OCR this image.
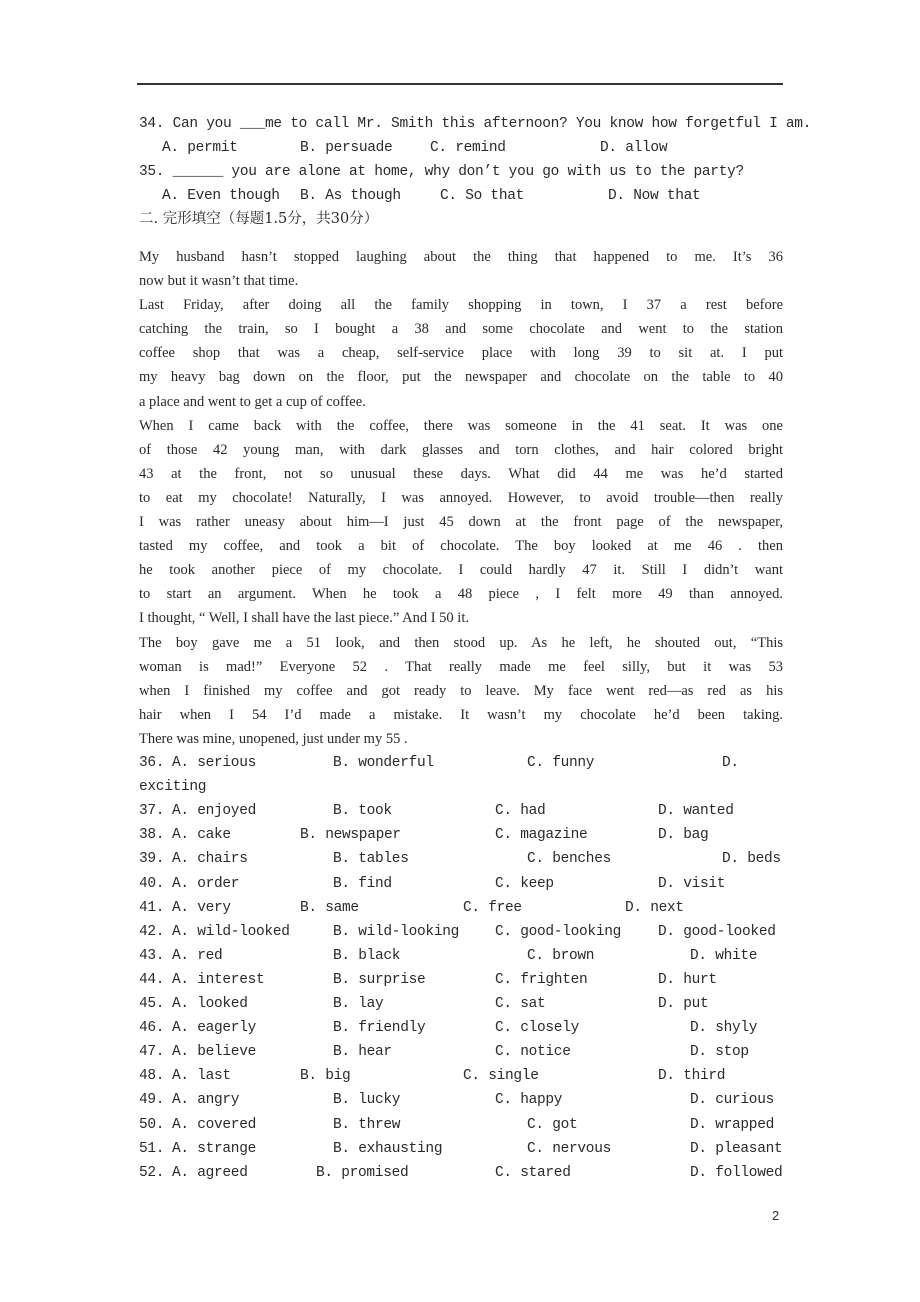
34. Can you ___me to call Mr. Smith this afternoon? You know how forgetful I am.
A. permit	B. persuade	C. remind	D. allow
35. ______ you are alone at home, why don’t you go with us to the party?
A. Even though B. As though	C. So that	D. Now that
二. 完形填空（每题1.5分，共30分）
My husband hasn’t stopped laughing about the thing that happened to me. It’s 36
now but it wasn’t that time.
Last Friday, after doing all the family shopping in town, I 37 a rest before
catching the train, so I bought a 38 and some chocolate and went to the station
coffee shop that was a cheap, self-service place with long 39 to sit at. I put
my heavy bag down on the floor, put the newspaper and chocolate on the table to 40
a place and went to get a cup of coffee.
When I came back with the coffee, there was someone in the 41 seat. It was one
of those 42 young man, with dark glasses and torn clothes, and hair colored bright
43 at the front, not so unusual these days. What did 44 me was he’d started
to eat my chocolate! Naturally, I was annoyed. However, to avoid trouble—then really
I was rather uneasy about him—I just 45 down at the front page of the newspaper,
tasted my coffee, and took a bit of chocolate. The boy looked at me 46 . then
he took another piece of my chocolate. I could hardly 47 it. Still I didn’t want
to start an argument. When he took a 48 piece , I felt more 49 than annoyed.
I thought, “ Well, I shall have the last piece.” And I 50 it.
The boy gave me a 51 look, and then stood up. As he left, he shouted out, “This
woman is mad!” Everyone 52 . That really made me feel silly, but it was 53
when I finished my coffee and got ready to leave. My face went red—as red as his
hair when I 54 I’d made a mistake. It wasn’t my chocolate he’d been taking.
There was mine, unopened, just under my 55 .
36. A. serious	B. wonderful	C. funny	D.
exciting
37. A. enjoyed	B. took	C. had	D. wanted
38. A. cake	B. newspaper	C. magazine	D. bag
39. A. chairs	B. tables	C. benches	D. beds
40. A. order	B. find	C. keep	D. visit
41. A. very	B. same	C. free	D. next
42. A. wild-looked	B. wild-looking C. good-looking	D. good-looked
43. A. red	B. black	C. brown	D. white
44. A. interest	B. surprise	C. frighten	D. hurt
45. A. looked	B. lay	C. sat	D. put
46. A. eagerly	B. friendly	C. closely	D. shyly
47. A. believe	B. hear	C. notice	D. stop
48. A. last	B. big	C. single	D. third
49. A. angry	B. lucky	C. happy	D. curious
50. A. covered	B. threw	C. got	D. wrapped
51. A. strange	B. exhausting	C. nervous	D. pleasant
52. A. agreed	B. promised	C. stared	D. followed
2
